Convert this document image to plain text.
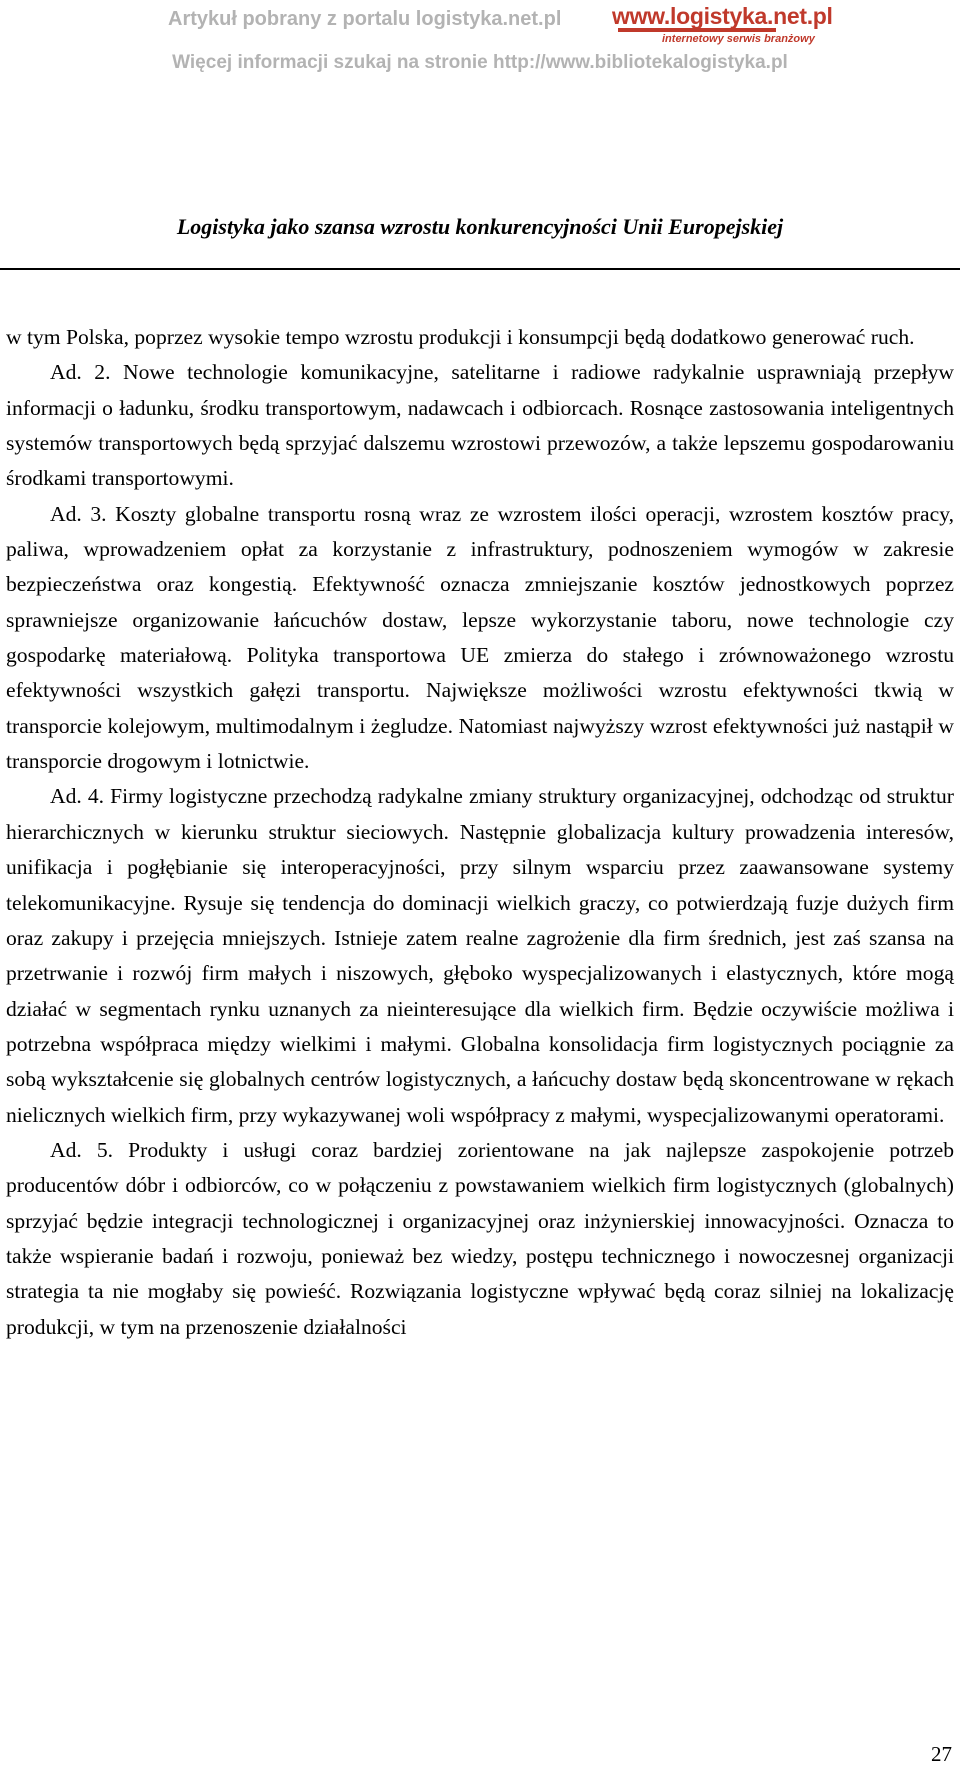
Artykuł pobrany z portalu logistyka.net.pl www.logistyka.net.pl
internetowy serwis branżowy
Więcej informacji szukaj na stronie http://www.bibliotekalogistyka.pl
Logistyka jako szansa wzrostu konkurencyjności Unii Europejskiej

w tym Polska, poprzez wysokie tempo wzrostu produkcji i konsumpcji będą dodatkowo generować ruch.

Ad. 2. Nowe technologie komunikacyjne, satelitarne i radiowe radykalnie usprawniają przepływ informacji o ładunku, środku transportowym, nadawcach i odbiorcach. Rosnące zastosowania inteligentnych systemów transportowych będą sprzyjać dalszemu wzrostowi przewozów, a także lepszemu gospodarowaniu środkami transportowymi.

Ad. 3. Koszty globalne transportu rosną wraz ze wzrostem ilości operacji, wzrostem kosztów pracy, paliwa, wprowadzeniem opłat za korzystanie z infrastruktury, podnoszeniem wymogów w zakresie bezpieczeństwa oraz kongestią. Efektywność oznacza zmniejszanie kosztów jednostkowych poprzez sprawniejsze organizowanie łańcuchów dostaw, lepsze wykorzystanie taboru, nowe technologie czy gospodarkę materiałową. Polityka transportowa UE zmierza do stałego i zrównoważonego wzrostu efektywności wszystkich gałęzi transportu. Największe możliwości wzrostu efektywności tkwią w transporcie kolejowym, multimodalnym i żegludze. Natomiast najwyższy wzrost efektywności już nastąpił w transporcie drogowym i lotnictwie.

Ad. 4. Firmy logistyczne przechodzą radykalne zmiany struktury organizacyjnej, odchodząc od struktur hierarchicznych w kierunku struktur sieciowych. Następnie globalizacja kultury prowadzenia interesów, unifikacja i pogłębianie się interoperacyjności, przy silnym wsparciu przez zaawansowane systemy telekomunikacyjne. Rysuje się tendencja do dominacji wielkich graczy, co potwierdzają fuzje dużych firm oraz zakupy i przejęcia mniejszych. Istnieje zatem realne zagrożenie dla firm średnich, jest zaś szansa na przetrwanie i rozwój firm małych i niszowych, głęboko wyspecjalizowanych i elastycznych, które mogą działać w segmentach rynku uznanych za nieinteresujące dla wielkich firm. Będzie oczywiście możliwa i potrzebna współpraca między wielkimi i małymi. Globalna konsolidacja firm logistycznych pociągnie za sobą wykształcenie się globalnych centrów logistycznych, a łańcuchy dostaw będą skoncentrowane w rękach nielicznych wielkich firm, przy wykazywanej woli współpracy z małymi, wyspecjalizowanymi operatorami.

Ad. 5. Produkty i usługi coraz bardziej zorientowane na jak najlepsze zaspokojenie potrzeb producentów dóbr i odbiorców, co w połączeniu z powstawaniem wielkich firm logistycznych (globalnych) sprzyjać będzie integracji technologicznej i organizacyjnej oraz inżynierskiej innowacyjności. Oznacza to także wspieranie badań i rozwoju, ponieważ bez wiedzy, postępu technicznego i nowoczesnej organizacji strategia ta nie mogłaby się powieść. Rozwiązania logistyczne wpływać będą coraz silniej na lokalizację produkcji, w tym na przenoszenie działalności

27
